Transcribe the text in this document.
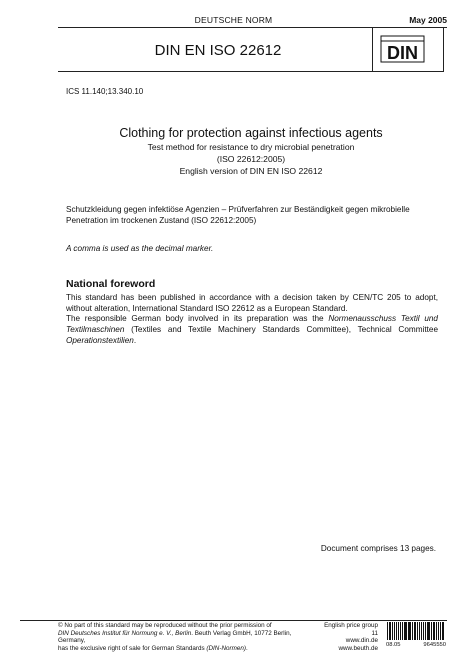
DEUTSCHE NORM	May 2005
DIN EN ISO 22612	DIN
ICS 11.140;13.340.10
Clothing for protection against infectious agents
Test method for resistance to dry microbial penetration
(ISO 22612:2005)
English version of DIN EN ISO 22612
Schutzkleidung gegen infektiöse Agenzien – Prüfverfahren zur Beständigkeit gegen mikrobielle Penetration im trockenen Zustand (ISO 22612:2005)
A comma is used as the decimal marker.
National foreword
This standard has been published in accordance with a decision taken by CEN/TC 205 to adopt, without alteration, International Standard ISO 22612 as a European Standard.
The responsible German body involved in its preparation was the Normenausschuss Textil und Textilmaschinen (Textiles and Textile Machinery Standards Committee), Technical Committee Operationstextilien.
Document comprises 13 pages.
© No part of this standard may be reproduced without the prior permission of
DIN Deutsches Institut für Normung e. V., Berlin. Beuth Verlag GmbH, 10772 Berlin, Germany,
has the exclusive right of sale for German Standards (DIN-Normen).
English price group 11
www.din.de
www.beuth.de 08.05	9645550
